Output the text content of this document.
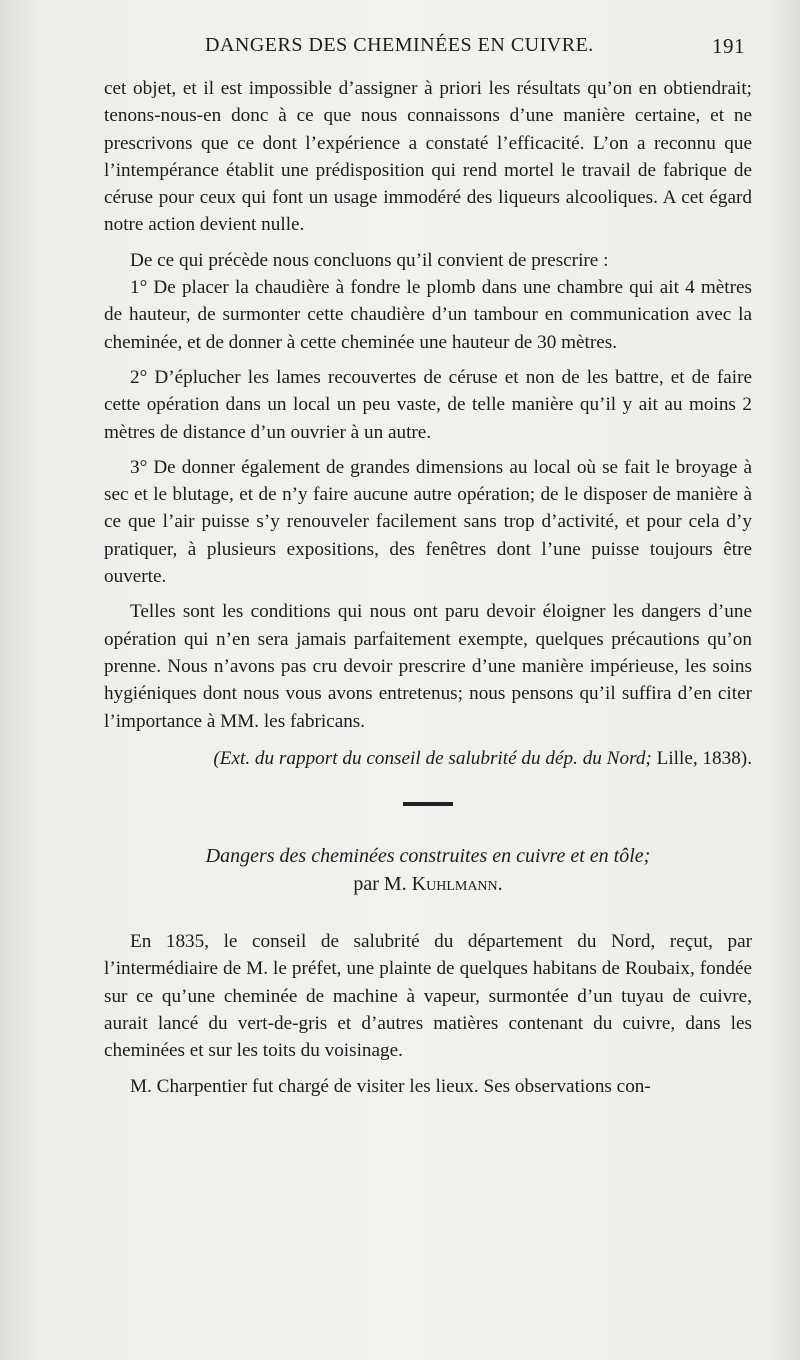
DANGERS DES CHEMINÉES EN CUIVRE.	191

cet objet, et il est impossible d’assigner à priori les résultats qu’on en obtiendrait; tenons-nous-en donc à ce que nous connaissons d’une manière certaine, et ne prescrivons que ce dont l’expérience a constaté l’efficacité. L’on a reconnu que l’intempérance établit une prédisposition qui rend mortel le travail de fabrique de céruse pour ceux qui font un usage immodéré des liqueurs alcooliques. A cet égard notre action devient nulle.

De ce qui précède nous concluons qu’il convient de prescrire :

1° De placer la chaudière à fondre le plomb dans une chambre qui ait 4 mètres de hauteur, de surmonter cette chaudière d’un tambour en communication avec la cheminée, et de donner à cette cheminée une hauteur de 30 mètres.

2° D’éplucher les lames recouvertes de céruse et non de les battre, et de faire cette opération dans un local un peu vaste, de telle manière qu’il y ait au moins 2 mètres de distance d’un ouvrier à un autre.

3° De donner également de grandes dimensions au local où se fait le broyage à sec et le blutage, et de n’y faire aucune autre opération; de le disposer de manière à ce que l’air puisse s’y renouveler facilement sans trop d’activité, et pour cela d’y pratiquer, à plusieurs expositions, des fenêtres dont l’une puisse toujours être ouverte.

Telles sont les conditions qui nous ont paru devoir éloigner les dangers d’une opération qui n’en sera jamais parfaitement exempte, quelques précautions qu’on prenne. Nous n’avons pas cru devoir prescrire d’une manière impérieuse, les soins hygiéniques dont nous vous avons entretenus; nous pensons qu’il suffira d’en citer l’importance à MM. les fabricans.

(Ext. du rapport du conseil de salubrité du dép. du Nord; Lille, 1838).
Dangers des cheminées construites en cuivre et en tôle;
par M. Kuhlmann.

En 1835, le conseil de salubrité du département du Nord, reçut, par l’intermédiaire de M. le préfet, une plainte de quelques habitans de Roubaix, fondée sur ce qu’une cheminée de machine à vapeur, surmontée d’un tuyau de cuivre, aurait lancé du vert-de-gris et d’autres matières contenant du cuivre, dans les cheminées et sur les toits du voisinage.

M. Charpentier fut chargé de visiter les lieux. Ses observations con-
